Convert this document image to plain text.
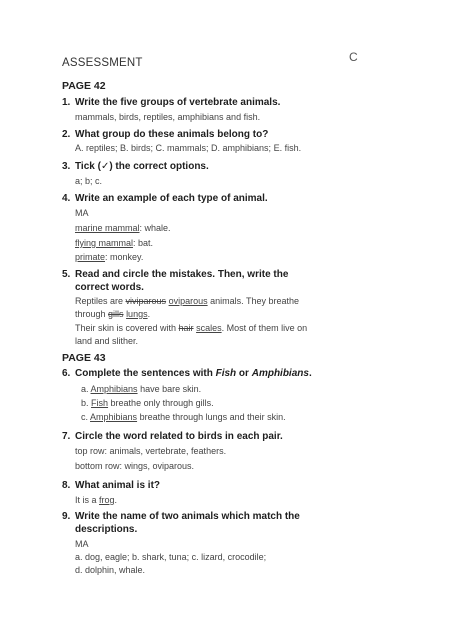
C
ASSESSMENT
PAGE 42
1. Write the five groups of vertebrate animals.
mammals, birds, reptiles, amphibians and fish.
2. What group do these animals belong to?
A. reptiles; B. birds; C. mammals; D. amphibians; E. fish.
3. Tick (✓) the correct options.
a; b; c.
4. Write an example of each type of animal.
MA
marine mammal: whale.
flying mammal: bat.
primate: monkey.
5. Read and circle the mistakes. Then, write the correct words.
Reptiles are viviparous oviparous animals. They breathe
through gills lungs.
Their skin is covered with hair scales. Most of them live on
land and slither.
PAGE 43
6. Complete the sentences with Fish or Amphibians.
a. Amphibians have bare skin.
b. Fish breathe only through gills.
c. Amphibians breathe through lungs and their skin.
7. Circle the word related to birds in each pair.
top row: animals, vertebrate, feathers.
bottom row: wings, oviparous.
8. What animal is it?
It is a frog.
9. Write the name of two animals which match the descriptions.
MA
a. dog, eagle; b. shark, tuna; c. lizard, crocodile;
d. dolphin, whale.
